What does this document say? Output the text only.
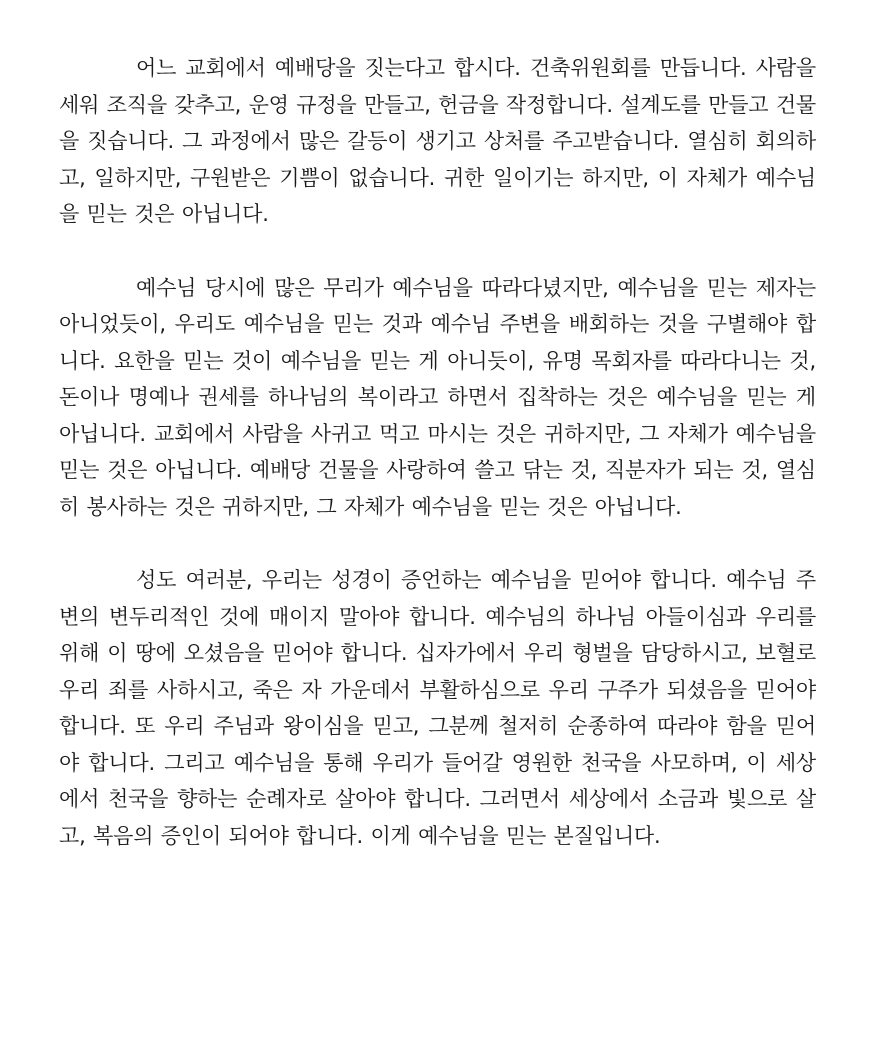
어느 교회에서 예배당을 짓는다고 합시다. 건축위원회를 만듭니다. 사람을 세워 조직을 갖추고, 운영 규정을 만들고, 헌금을 작정합니다. 설계도를 만들고 건물을 짓습니다. 그 과정에서 많은 갈등이 생기고 상처를 주고받습니다. 열심히 회의하고, 일하지만, 구원받은 기쁨이 없습니다. 귀한 일이기는 하지만, 이 자체가 예수님을 믿는 것은 아닙니다.

예수님 당시에 많은 무리가 예수님을 따라다녔지만, 예수님을 믿는 제자는 아니었듯이, 우리도 예수님을 믿는 것과 예수님 주변을 배회하는 것을 구별해야 합니다. 요한을 믿는 것이 예수님을 믿는 게 아니듯이, 유명 목회자를 따라다니는 것, 돈이나 명예나 권세를 하나님의 복이라고 하면서 집착하는 것은 예수님을 믿는 게 아닙니다. 교회에서 사람을 사귀고 먹고 마시는 것은 귀하지만, 그 자체가 예수님을 믿는 것은 아닙니다. 예배당 건물을 사랑하여 쓸고 닦는 것, 직분자가 되는 것, 열심히 봉사하는 것은 귀하지만, 그 자체가 예수님을 믿는 것은 아닙니다.

성도 여러분, 우리는 성경이 증언하는 예수님을 믿어야 합니다. 예수님 주변의 변두리적인 것에 매이지 말아야 합니다. 예수님의 하나님 아들이심과 우리를 위해 이 땅에 오셨음을 믿어야 합니다. 십자가에서 우리 형벌을 담당하시고, 보혈로 우리 죄를 사하시고, 죽은 자 가운데서 부활하심으로 우리 구주가 되셨음을 믿어야 합니다. 또 우리 주님과 왕이심을 믿고, 그분께 철저히 순종하여 따라야 함을 믿어야 합니다. 그리고 예수님을 통해 우리가 들어갈 영원한 천국을 사모하며, 이 세상에서 천국을 향하는 순례자로 살아야 합니다. 그러면서 세상에서 소금과 빛으로 살고, 복음의 증인이 되어야 합니다. 이게 예수님을 믿는 본질입니다.
